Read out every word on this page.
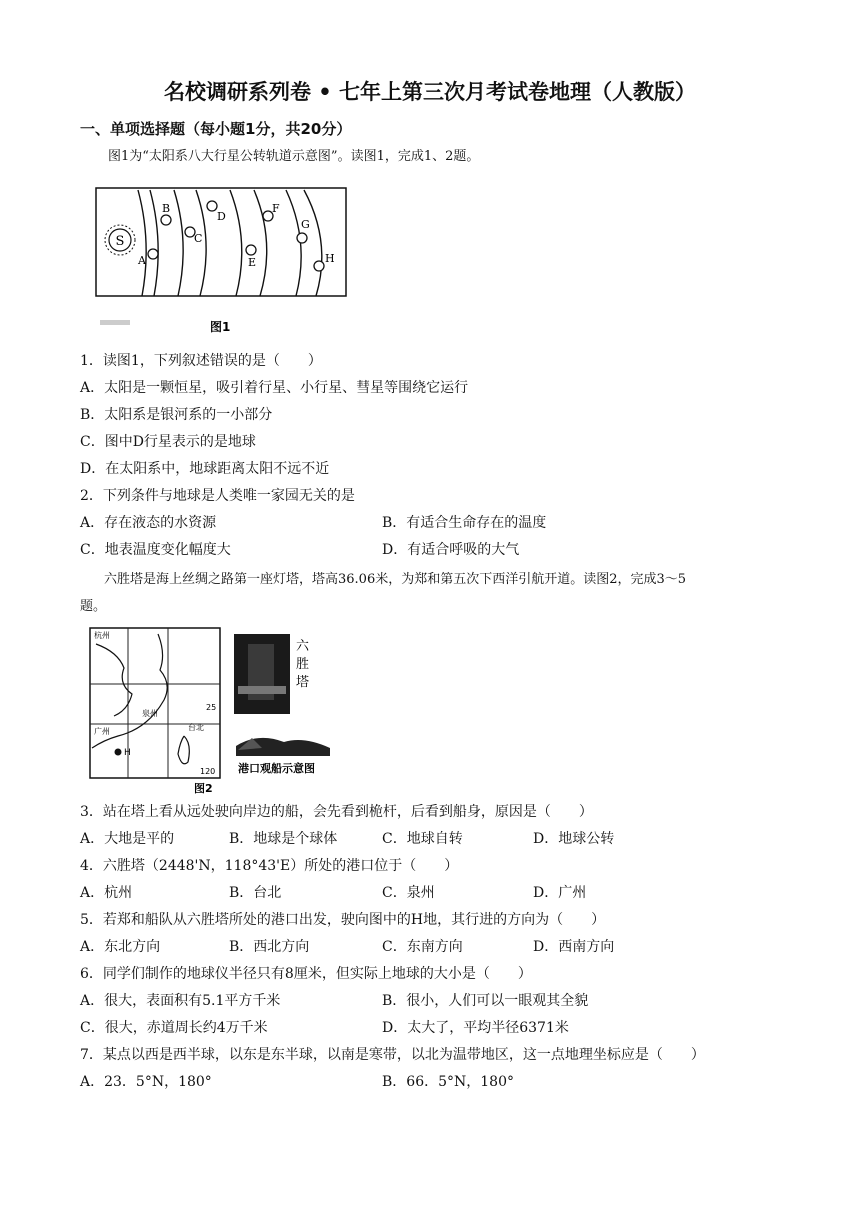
名校调研系列卷 • 七年上第三次月考试卷地理（人教版）
一、单项选择题（每小题1分，共20分）
图1为“太阳系八大行星公转轨道示意图”。读图1，完成1、2题。
S
A
B
C
D
E
F
G
H
图1
1．读图1，下列叙述错误的是（　　）
A．太阳是一颗恒星，吸引着行星、小行星、彗星等围绕它运行
B．太阳系是银河系的一小部分
C．图中D行星表示的是地球
D．在太阳系中，地球距离太阳不远不近
2．下列条件与地球是人类唯一家园无关的是
A．存在液态的水资源	B．有适合生命存在的温度
C．地表温度变化幅度大	D．有适合呼吸的大气
六胜塔是海上丝绸之路第一座灯塔，塔高36.06米，为郑和第五次下西洋引航开道。读图2，完成3～5
题。
杭州
台北
广州
泉州
H
120
25
六
胜
塔
港口观船示意图
图2
3．站在塔上看从远处驶向岸边的船，会先看到桅杆，后看到船身，原因是（　　）
A．大地是平的	B．地球是个球体	C．地球自转	D．地球公转
4．六胜塔（2448'N，118°43'E）所处的港口位于（　　）
A．杭州	B．台北	C．泉州	D．广州
5．若郑和船队从六胜塔所处的港口出发，驶向图中的H地，其行进的方向为（　　）
A．东北方向	B．西北方向	C．东南方向	D．西南方向
6．同学们制作的地球仪半径只有8厘米，但实际上地球的大小是（　　）
A．很大，表面积有5.1平方千米	B．很小，人们可以一眼观其全貌
C．很大，赤道周长约4万千米	D．太大了，平均半径6371米
7．某点以西是西半球，以东是东半球，以南是寒带，以北为温带地区，这一点地理坐标应是（　　）
A．23．5°N，180°	B．66．5°N，180°
